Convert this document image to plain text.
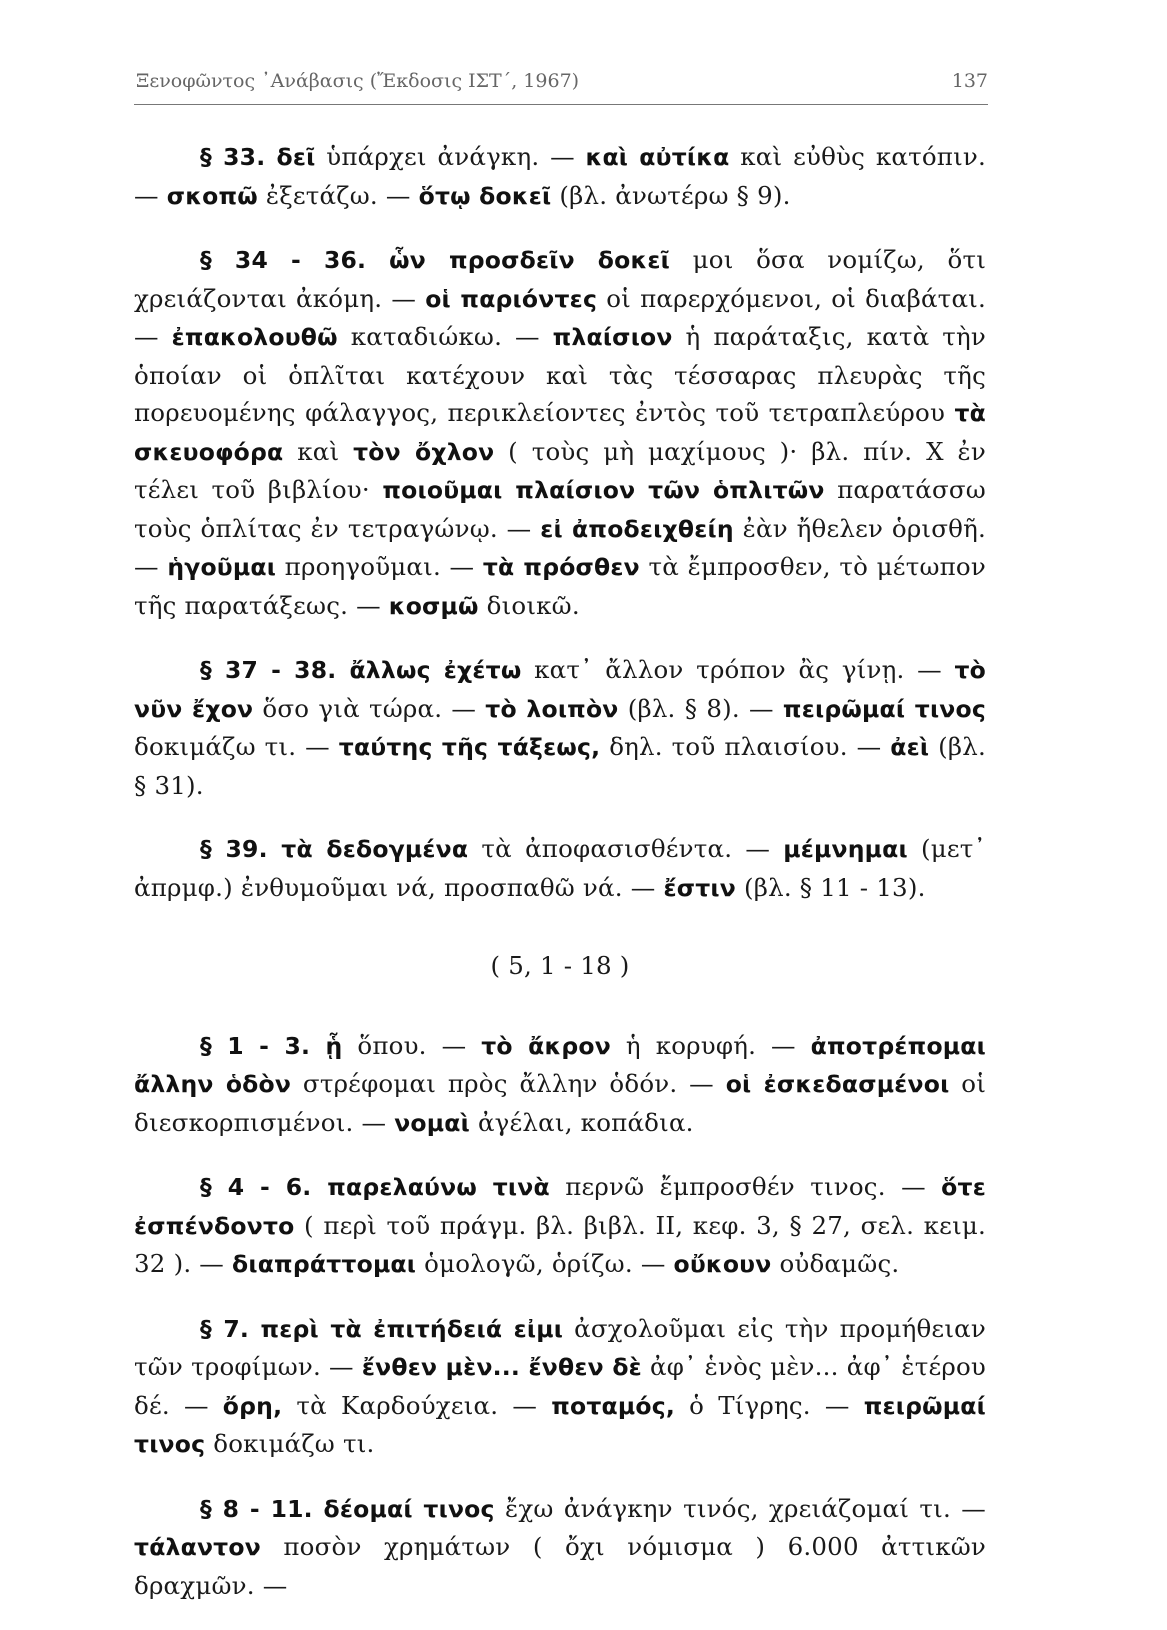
Ξενοφῶντος ᾽Ανάβασις (Ἔκδοσις ΙΣΤ΄, 1967)	137

§ 33. δεῖ ὑπάρχει ἀνάγκη. — καὶ αὐτίκα καὶ εὐθὺς κατόπιν. — σκοπῶ ἐξετάζω. — ὅτῳ δοκεῖ (βλ. ἀνωτέρω § 9).

§ 34 - 36. ὧν προσδεῖν δοκεῖ μοι ὅσα νομίζω, ὅτι χρειάζονται ἀκόμη. — οἱ παριόντες οἱ παρερχόμενοι, οἱ διαβάται. — ἐπακολουθῶ καταδιώκω. — πλαίσιον ἡ παράταξις, κατὰ τὴν ὁποίαν οἱ ὁπλῖται κατέχουν καὶ τὰς τέσσαρας πλευρὰς τῆς πορευομένης φάλαγγος, περικλείοντες ἐντὸς τοῦ τετραπλεύρου τὰ σκευοφόρα καὶ τὸν ὄχλον ( τοὺς μὴ μαχίμους )· βλ. πίν. Χ ἐν τέλει τοῦ βιβλίου· ποιοῦμαι πλαίσιον τῶν ὁπλιτῶν παρατάσσω τοὺς ὁπλίτας ἐν τετραγώνῳ. — εἰ ἀποδειχθείη ἐὰν ἤθελεν ὁρισθῆ. — ἡγοῦμαι προηγοῦμαι. — τὰ πρόσθεν τὰ ἔμπροσθεν, τὸ μέτωπον τῆς παρατάξεως. — κοσμῶ διοικῶ.

§ 37 - 38. ἄλλως ἐχέτω κατ᾽ ἄλλον τρόπον ἂς γίνῃ. — τὸ νῦν ἔχον ὅσο γιὰ τώρα. — τὸ λοιπὸν (βλ. § 8). — πειρῶμαί τινος δοκιμάζω τι. — ταύτης τῆς τάξεως, δηλ. τοῦ πλαισίου. — ἀεὶ (βλ. § 31).

§ 39. τὰ δεδογμένα τὰ ἀποφασισθέντα. — μέμνημαι (μετ᾽ ἀπρμφ.) ἐνθυμοῦμαι νά, προσπαθῶ νά. — ἔστιν (βλ. § 11 - 13).

( 5, 1 - 18 )

§ 1 - 3. ᾗ ὅπου. — τὸ ἄκρον ἡ κορυφή. — ἀποτρέπομαι ἄλλην ὁδὸν στρέφομαι πρὸς ἄλλην ὁδόν. — οἱ ἐσκεδασμένοι οἱ διεσκορπισμένοι. — νομαὶ ἀγέλαι, κοπάδια.

§ 4 - 6. παρελαύνω τινὰ περνῶ ἔμπροσθέν τινος. — ὅτε ἐσπένδοντο ( περὶ τοῦ πράγμ. βλ. βιβλ. ΙΙ, κεφ. 3, § 27, σελ. κειμ. 32 ). — διαπράττομαι ὁμολογῶ, ὁρίζω. — οὔκουν οὐδαμῶς.

§ 7. περὶ τὰ ἐπιτήδειά εἰμι ἀσχολοῦμαι εἰς τὴν προμήθειαν τῶν τροφίμων. — ἔνθεν μὲν... ἔνθεν δὲ ἀφ᾽ ἑνὸς μὲν... ἀφ᾽ ἑτέρου δέ. — ὄρη, τὰ Καρδούχεια. — ποταμός, ὁ Τίγρης. — πειρῶμαί τινος δοκιμάζω τι.

§ 8 - 11. δέομαί τινος ἔχω ἀνάγκην τινός, χρειάζομαί τι. — τάλαντον ποσὸν χρημάτων ( ὄχι νόμισμα ) 6.000 ἀττικῶν δραχμῶν. —
